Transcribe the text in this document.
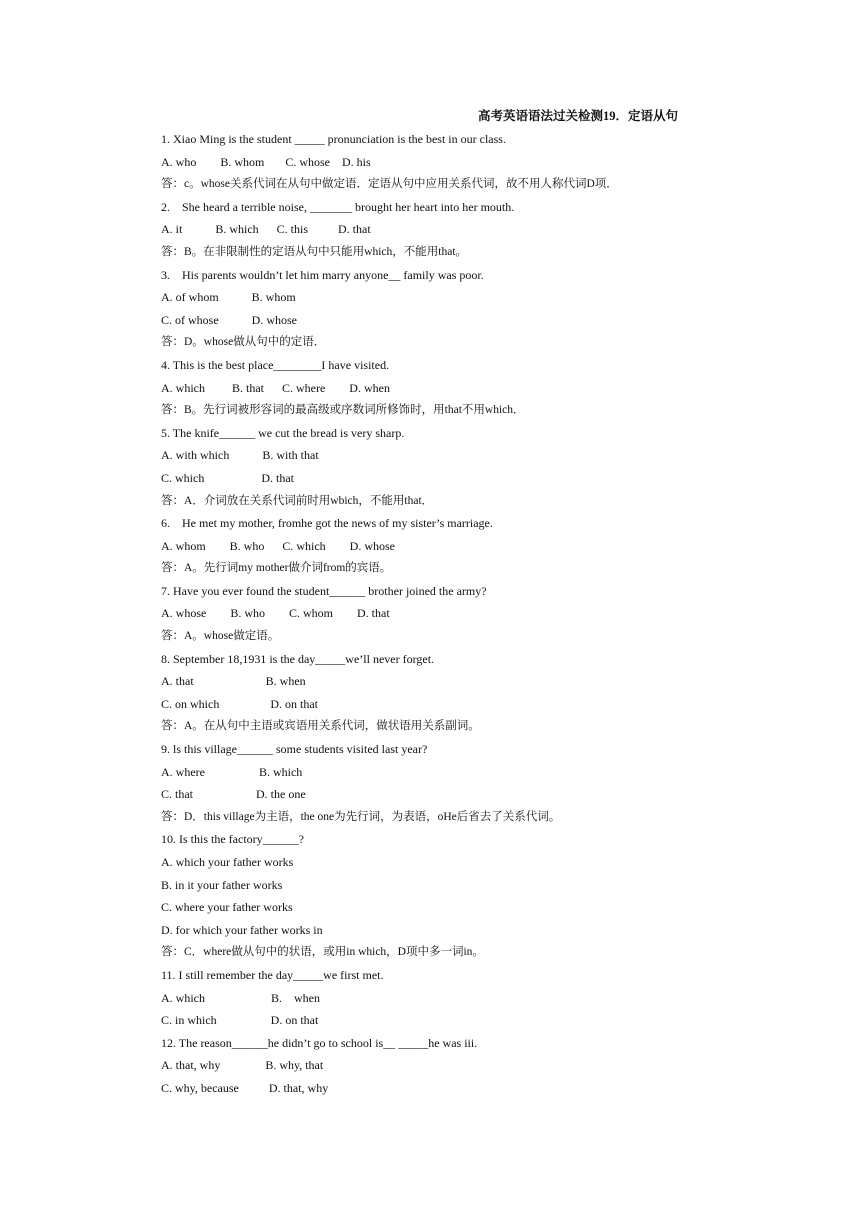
高考英语语法过关检测19．定语从句
1. Xiao Ming is the student _____ pronunciation is the best in our class.
A. who        B. whom       C. whose    D. his
答：c。whose关系代词在从句中做定语．定语从句中应用关系代词，故不用人称代词D项．
2.    She heard a terrible noise, _______ brought her heart into her mouth.
A. it           B. which      C. this          D. that
答：B。在非限制性的定语从句中只能用which，不能用that。
3.    His parents wouldn’t let him marry anyone__ family was poor.
A. of whom           B. whom
C. of whose           D. whose
答：D。whose做从句中的定语．
4. This is the best place________I have visited.
A. which         B. that      C. where        D. when
答：B。先行词被形容词的最高级或序数词所修饰时，用that不用which．
5. The knife______ we cut the bread is very sharp.
A. with which           B. with that
C. which                   D. that
答：A．介词放在关系代词前时用wbich，不能用that．
6.    He met my mother, fromhe got the news of my sister’s marriage.
A. whom        B. who      C. which        D. whose
答：A。先行词my mother做介词from的宾语。
7. Have you ever found the student______ brother joined the army?
A. whose        B. who        C. whom        D. that
答：A。whose做定语。
8. September 18,1931 is the day_____we’ll never forget.
A. that                        B. when
C. on which                 D. on that
答：A。在从句中主语或宾语用关系代词，做状语用关系副词。
9. ls this village______ some students visited last year?
A. where                  B. which
C. that                     D. the one
答：D．this village为主语，the one为先行词，为表语，oHe后省去了关系代词。
10. Is this the factory______?
A. which your father works
B. in it your father works
C. where your father works
D. for which your father works in
答：C．where做从句中的状语，或用in which，D项中多一词in。
11. I still remember the day_____we first met.
A. which                      B.    when
C. in which                  D. on that
12. The reason______he didn’t go to school is__ _____he was iii.
A. that, why               B. why, that
C. why, because          D. that, why
